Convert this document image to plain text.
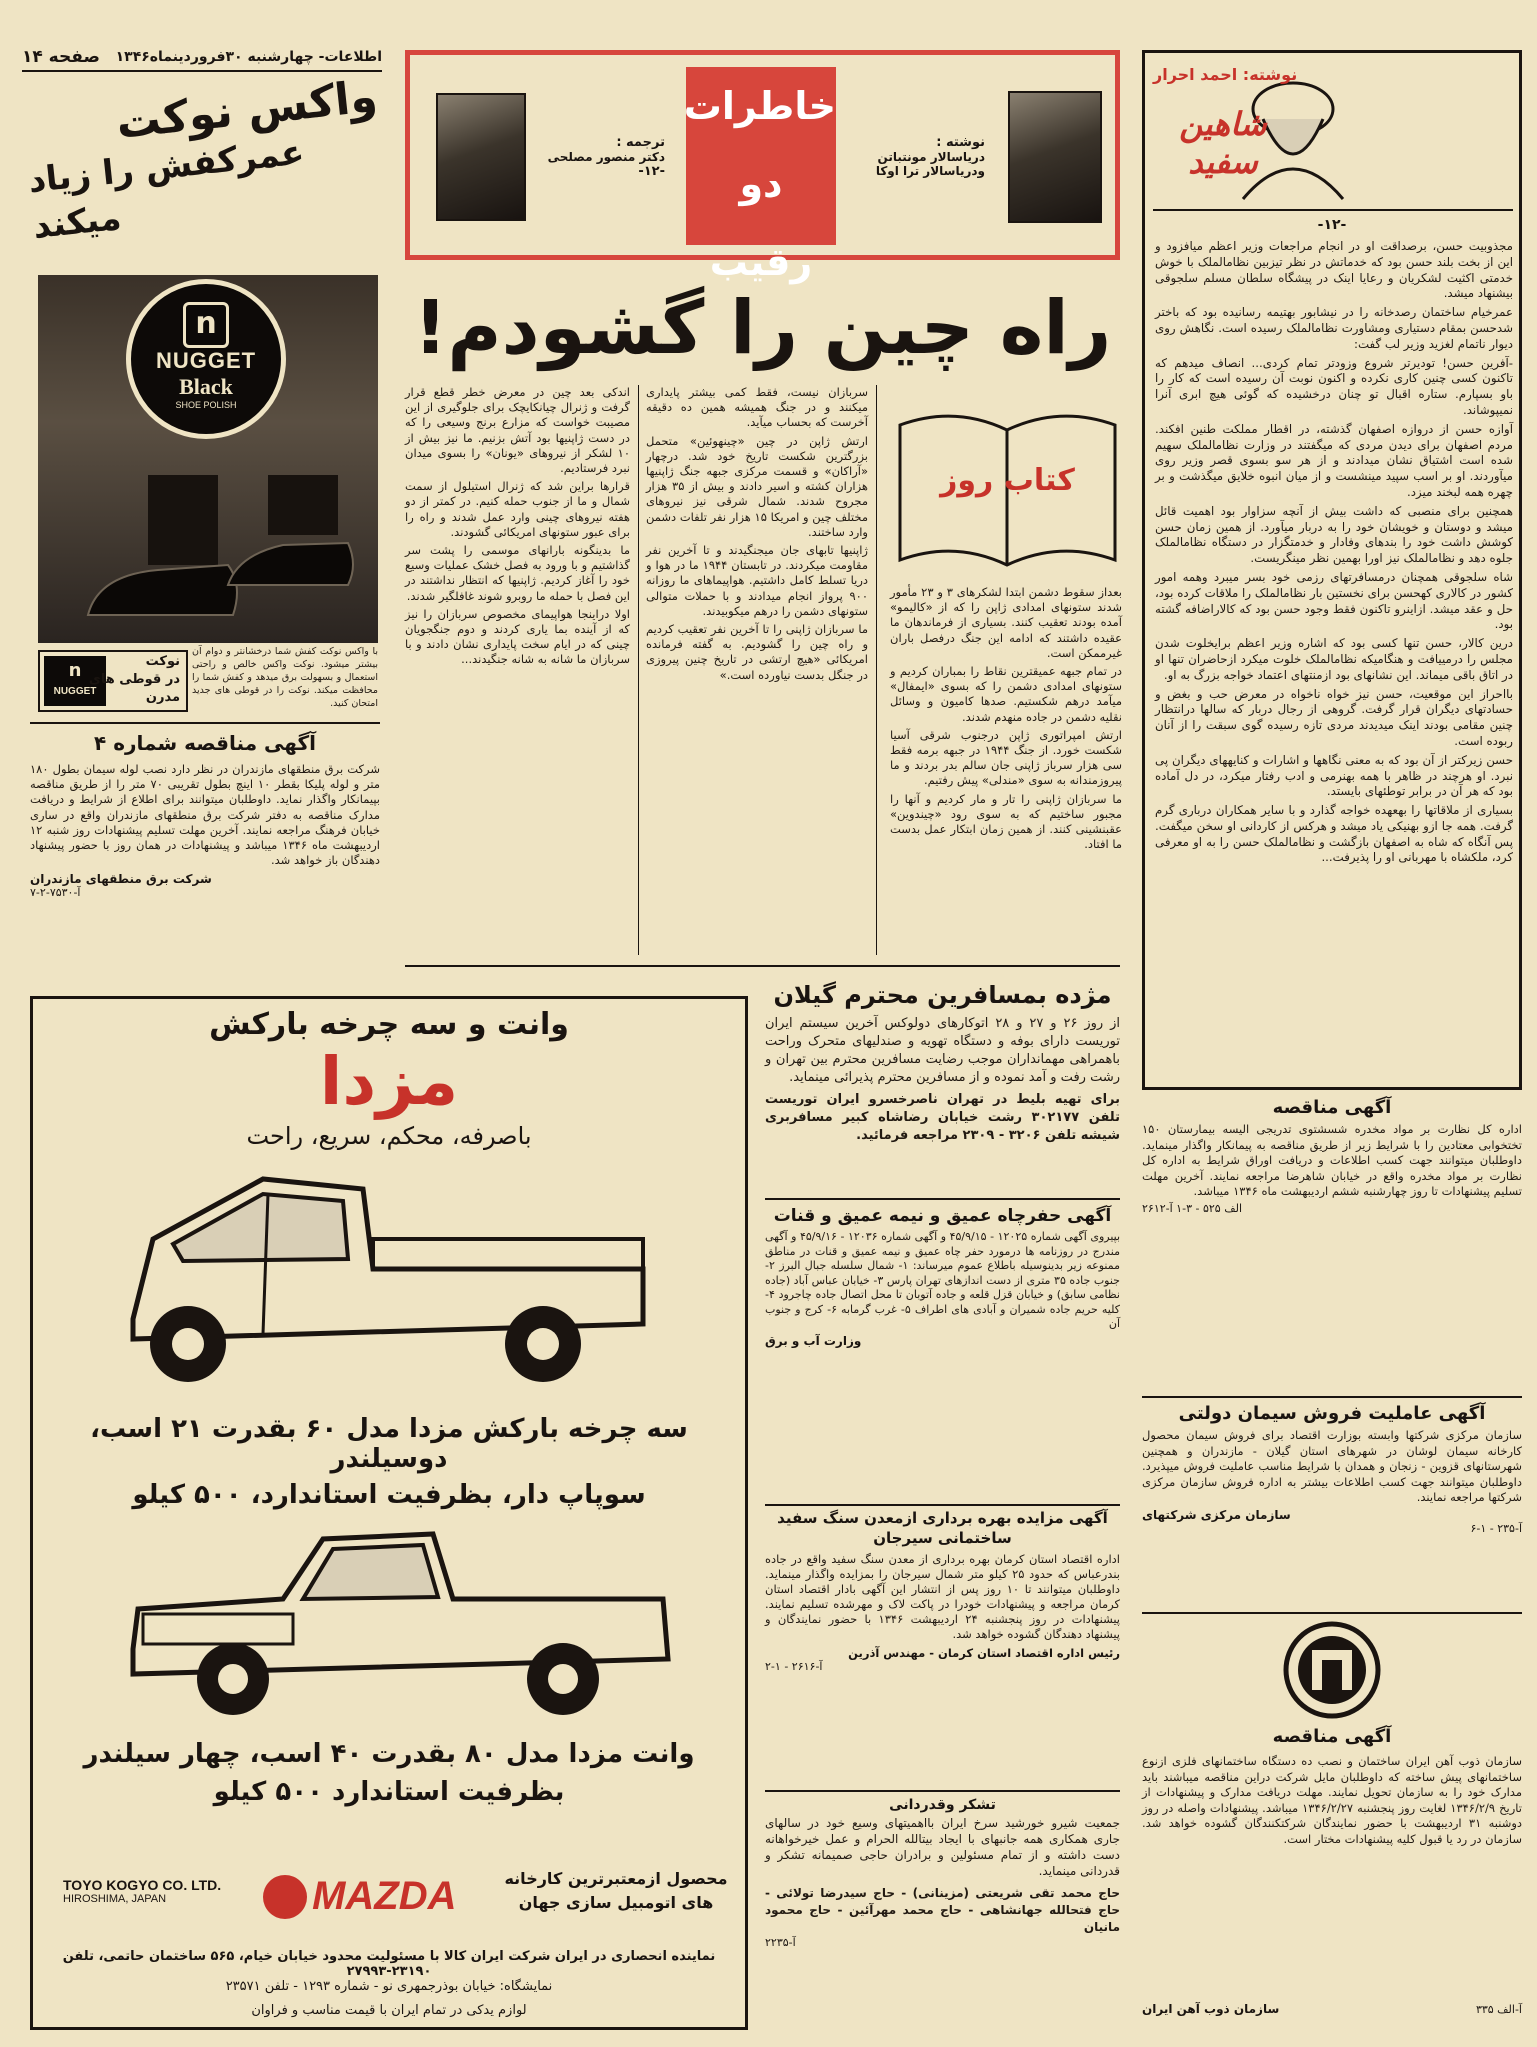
اطلاعات- چهارشنبه ۳۰فروردینماه۱۳۴۶
صفحه ۱۴
واکس نوکت
عمرکفش را زیاد میکند
n
NUGGET
Black
SHOE POLISH
با واکس نوکت کفش شما درخشانتر و دوام آن بیشتر میشود. نوکت واکس خالص و راحتی استعمال و بسهولت برق میدهد و کفش شما را محافظت میکند. نوکت را در قوطی های جدید امتحان کنید.
n
NUGGET
نوکت
در قوطی های
مدرن
آگهی مناقصه شماره ۴
شرکت برق منطقهای مازندران در نظر دارد نصب لوله سیمان بطول ۱۸۰ متر و لوله پلیکا بقطر ۱۰ اینچ بطول تقریبی ۷۰ متر را از طریق مناقصه بپیمانکار واگذار نماید. داوطلبان میتوانند برای اطلاع از شرایط و دریافت مدارک مناقصه به دفتر شرکت برق منطقهای مازندران واقع در ساری خیابان فرهنگ مراجعه نمایند. آخرین مهلت تسلیم پیشنهادات روز شنبه ۱۲ اردیبهشت ماه ۱۳۴۶ میباشد و پیشنهادات در همان روز با حضور پیشنهاد دهندگان باز خواهد شد.
شرکت برق منطقهای مازندران
آ-۷۵۳۰-۲-۷
وانت و سه چرخه بارکش
مزدا
باصرفه، محکم، سریع، راحت
سه چرخه بارکش مزدا مدل ۶۰ بقدرت ۲۱ اسب، دوسیلندر
سوپاپ دار، بظرفیت استاندارد، ۵۰۰ کیلو
وانت مزدا مدل ۸۰ بقدرت ۴۰ اسب، چهار سیلندر
بظرفیت استاندارد ۵۰۰ کیلو
محصول ازمعتبرترین کارخانه های اتومبیل سازی جهان
MAZDA
TOYO KOGYO CO. LTD.
HIROSHIMA, JAPAN
نماینده انحصاری در ایران شرکت ایران کالا با مسئولیت محدود خیابان خیام، ۵۶۵ ساختمان حاتمی، تلفن ۲۳۱۹۰-۲۷۹۹۳
نمایشگاه: خیابان بوذرجمهری نو - شماره ۱۲۹۳ - تلفن ۲۳۵۷۱
لوازم یدکی در تمام ایران با قیمت مناسب و فراوان
ترجمه :
دکتر منصور مصلحی
-۱۲-
خاطرات
دو رقیب
نوشته :
دریاسالار مونتباتن
ودریاسالار ترا اوکا
راه چین را گشودم!

اندکی بعد چین در معرض خطر قطع قرار گرفت و ژنرال چیانکایچک برای جلوگیری از این مصیبت خواست که مزارع برنج وسیعی را که در دست ژاپنیها بود آتش بزنیم. ما نیز بیش از ۱۰ لشکر از نیروهای «یونان» را بسوی میدان نبرد فرستادیم.

قرارها براین شد که ژنرال استیلول از سمت شمال و ما از جنوب حمله کنیم. در کمتر از دو هفته نیروهای چینی وارد عمل شدند و راه را برای عبور ستونهای امریکائی گشودند.

ما بدینگونه بارانهای موسمی را پشت سر گذاشتیم و با ورود به فصل خشک عملیات وسیع خود را آغاز کردیم. ژاپنیها که انتظار نداشتند در این فصل با حمله ما روبرو شوند غافلگیر شدند.

اولا دراینجا هواپیمای مخصوص سربازان را نیز که از آینده بما یاری کردند و دوم جنگجویان چینی که در ایام سخت پایداری نشان دادند و با سربازان ما شانه به شانه جنگیدند...

سربازان نیست، فقط کمی بیشتر پایداری میکنند و در جنگ همیشه همین ده دقیقه آخرست که بحساب میآید.

ارتش ژاپن در چین «چینهوئین» متحمل بزرگترین شکست تاریخ خود شد. درچهار «آراکان» و قسمت مرکزی جبهه جنگ ژاپنیها هزاران کشته و اسیر دادند و بیش از ۳۵ هزار مجروح شدند. شمال شرقی نیز نیروهای مختلف چین و امریکا ۱۵ هزار نفر تلفات دشمن وارد ساختند.

ژاپنیها تابهای جان میجنگیدند و تا آخرین نفر مقاومت میکردند. در تابستان ۱۹۴۴ ما در هوا و دریا تسلط کامل داشتیم. هواپیماهای ما روزانه ۹۰۰ پرواز انجام میدادند و با حملات متوالی ستونهای دشمن را درهم میکوبیدند.

ما سربازان ژاپنی را تا آخرین نفر تعقیب کردیم و راه چین را گشودیم. به گفته فرمانده امریکائی «هیچ ارتشی در تاریخ چنین پیروزی در جنگل بدست نیاورده است.»

کتاب روز

بعداز سقوط دشمن ابتدا لشکرهای ۳ و ۲۳ مأمور شدند ستونهای امدادی ژاپن را که از «کالیمو» آمده بودند تعقیب کنند. بسیاری از فرماندهان ما عقیده داشتند که ادامه این جنگ درفصل باران غیرممکن است.

در تمام جبهه عمیقترین نقاط را بمباران کردیم و ستونهای امدادی دشمن را که بسوی «ایمفال» میآمد درهم شکستیم. صدها کامیون و وسائل نقلیه دشمن در جاده منهدم شدند.

ارتش امپراتوری ژاپن درجنوب شرقی آسیا شکست خورد. از جنگ ۱۹۴۴ در جبهه برمه فقط سی هزار سرباز ژاپنی جان سالم بدر بردند و ما پیروزمندانه به سوی «مندلی» پیش رفتیم.

ما سربازان ژاپنی را تار و مار کردیم و آنها را مجبور ساختیم که به سوی رود «چیندوین» عقبنشینی کنند. از همین زمان ابتکار عمل بدست ما افتاد.

مژده بمسافرین محترم گیلان
از روز ۲۶ و ۲۷ و ۲۸ اتوکارهای دولوکس آخرین سیستم ایران توریست دارای بوفه و دستگاه تهویه و صندلیهای متحرک وراحت باهمراهی مهمانداران موجب رضایت مسافرین محترم بین تهران و رشت رفت و آمد نموده و از مسافرین محترم پذیرائی مینماید.
برای تهیه بلیط در تهران ناصرخسرو ایران توریست تلفن ۳۰۲۱۷۷ رشت خیابان رضاشاه کبیر مسافربری شیشه تلفن ۳۲۰۶ - ۲۳۰۹ مراجعه فرمائید.
آگهی حفرچاه عمیق و نیمه عمیق و قنات
بپیروی آگهی شماره ۱۲۰۲۵ - ۴۵/۹/۱۵ و آگهی شماره ۱۲۰۳۶ - ۴۵/۹/۱۶ و آگهی مندرج در روزنامه ها درمورد حفر چاه عمیق و نیمه عمیق و قنات در مناطق ممنوعه زیر بدینوسیله باطلاع عموم میرساند: ۱- شمال سلسله جبال البرز ۲- جنوب جاده ۳۵ متری از دست اندازهای تهران پارس ۳- خیابان عباس آباد (جاده نظامی سابق) و خیابان قزل قلعه و جاده آتوبان تا محل اتصال جاده چاجرود ۴- کلیه حریم جاده شمیران و آبادی های اطراف ۵- غرب گرمابه ۶- کرج و جنوب آن
وزارت آب و برق
آگهی مزایده بهره برداری ازمعدن سنگ سفید ساختمانی سیرجان
اداره اقتصاد استان کرمان بهره برداری از معدن سنگ سفید واقع در جاده بندرعباس که حدود ۲۵ کیلو متر شمال سیرجان را بمزایده واگذار مینماید. داوطلبان میتوانند تا ۱۰ روز پس از انتشار این آگهی بادار اقتصاد استان کرمان مراجعه و پیشنهادات خودرا در پاکت لاک و مهرشده تسلیم نمایند. پیشنهادات در روز پنجشنبه ۲۴ اردیبهشت ۱۳۴۶ با حضور نمایندگان و پیشنهاد دهندگان گشوده خواهد شد.
رئیس اداره اقتصاد استان کرمان - مهندس آذرین
آ-۲۶۱۶ - ۱-۲
تشکر وقدردانی
جمعیت شیرو خورشید سرخ ایران بااهمیتهای وسیع خود در سالهای جاری همکاری همه جانبهای با ایجاد بیتالله الحرام و عمل خیرخواهانه دست داشته و از تمام مسئولین و برادران حاجی صمیمانه تشکر و قدردانی مینماید.
حاج محمد تقی شریعتی (مزینانی) - حاج سیدرضا تولائی - حاج فتحالله جهانشاهی - حاج محمد مهرآئین - حاج محمود مانیان
آ-۲۲۳۵
نوشته: احمد احرار
شاهین سفید
-۱۲-

مجذوبیت حسن، برصداقت او در انجام مراجعات وزیر اعظم میافزود و این از بخت بلند حسن بود که خدماتش در نظر تیزبین نظامالملک با خوش خدمتی اکثیت لشکریان و رعایا اینک در پیشگاه سلطان مسلم سلجوقی بیشنهاد میشد.

عمرخیام ساختمان رصدخانه را در نیشابور بهتیمه رسانیده بود که باختر شدحسن بمقام دستیاری ومشاورت نظامالملک رسیده است. نگاهش روی دیوار ناتمام لغزید وزیر لب گفت:

-آفرین حسن! تودیرتر شروع وزودتر تمام کردی... انصاف میدهم که تاکنون کسی چنین کاری نکرده و اکنون نوبت آن رسیده است که کار را باو بسپارم. ستاره اقبال تو چنان درخشیده که گوئی هیچ ابری آنرا نمیپوشاند.

آوازه حسن از دروازه اصفهان گذشته، در اقطار مملکت طنین افکند. مردم اصفهان برای دیدن مردی که میگفتند در وزارت نظامالملک سهیم شده است اشتیاق نشان میدادند و از هر سو بسوی قصر وزیر روی میآوردند. او بر اسب سپید مینشست و از میان انبوه خلایق میگذشت و بر چهره همه لبخند میزد.

همچنین برای منصبی که داشت بیش از آنچه سزاوار بود اهمیت قائل میشد و دوستان و خویشان خود را به دربار میآورد. از همین زمان حسن کوشش داشت خود را بندهای وفادار و خدمتگزار در دستگاه نظامالملک جلوه دهد و نظامالملک نیز اورا بهمین نظر مینگریست.

شاه سلجوقی همچنان درمسافرتهای رزمی خود بسر میبرد وهمه امور کشور در کالاری کهحسن برای نخستین بار نظامالملک را ملاقات کرده بود، حل و عقد میشد. ازاینرو تاکنون فقط وجود حسن بود که کالاراضافه گشته بود.

درین کالار، حسن تنها کسی بود که اشاره وزیر اعظم برایخلوت شدن مجلس را درمییافت و هنگامیکه نظامالملک خلوت میکرد ازحاضران تنها او در اتاق باقی میماند. این نشانهای بود ازمنتهای اعتماد خواجه بزرگ به او.

بااحراز این موقعیت، حسن نیز خواه ناخواه در معرض حب و بغض و حسادتهای دیگران قرار گرفت. گروهی از رجال دربار که سالها درانتظار چنین مقامی بودند اینک میدیدند مردی تازه رسیده گوی سبقت را از آنان ربوده است.

حسن زیرکتر از آن بود که به معنی نگاهها و اشارات و کنایههای دیگران پی نبرد. او هرچند در ظاهر با همه بهنرمی و ادب رفتار میکرد، در دل آماده بود که هر آن در برابر توطئهای بایستد.

بسیاری از ملاقاتها را بهعهده خواجه گذارد و با سایر همکاران درباری گرم گرفت. همه جا ازو بهنیکی یاد میشد و هرکس از کاردانی او سخن میگفت. پس آنگاه که شاه به اصفهان بازگشت و نظامالملک حسن را به او معرفی کرد، ملکشاه با مهربانی او را پذیرفت...

آگهی مناقصه
اداره کل نظارت بر مواد مخدره شسشتوی تدریجی الیسه بیمارستان ۱۵۰ تختخوابی معتادین را با شرایط زیر از طریق مناقصه به پیمانکار واگذار مینماید. داوطلبان میتوانند جهت کسب اطلاعات و دریافت اوراق شرایط به اداره کل نظارت بر مواد مخدره واقع در خیابان شاهرضا مراجعه نمایند. آخرین مهلت تسلیم پیشنهادات تا روز چهارشنبه ششم اردیبهشت ماه ۱۳۴۶ میباشد.
الف ۵۲۵ - ۳-۱ آ-۲۶۱۲
آگهی عاملیت فروش سیمان دولتی
سازمان مرکزی شرکتها وابسته بوزارت اقتصاد برای فروش سیمان محصول کارخانه سیمان لوشان در شهرهای استان گیلان - مازندران و همچنین شهرستانهای قزوین - زنجان و همدان با شرایط مناسب عاملیت فروش میپذیرد. داوطلبان میتوانند جهت کسب اطلاعات بیشتر به اداره فروش سازمان مرکزی شرکتها مراجعه نمایند.
سازمان مرکزی شرکتهای
آ-۲۳۵ - ۱-۶
آگهی مناقصه
سازمان ذوب آهن ایران ساختمان و نصب ده دستگاه ساختمانهای فلزی ازنوع ساختمانهای پیش ساخته که داوطلبان مایل شرکت دراین مناقصه میباشند باید مدارک خود را به سازمان تحویل نمایند. مهلت دریافت مدارک و پیشنهادات از تاریخ ۱۳۴۶/۲/۹ لغایت روز پنجشنبه ۱۳۴۶/۲/۲۷ میباشد. پیشنهادات واصله در روز دوشنبه ۳۱ اردیبهشت با حضور نمایندگان شرکتکنندگان گشوده خواهد شد. سازمان در رد یا قبول کلیه پیشنهادات مختار است.
سازمان ذوب آهن ایران	آ-الف ۳۳۵
